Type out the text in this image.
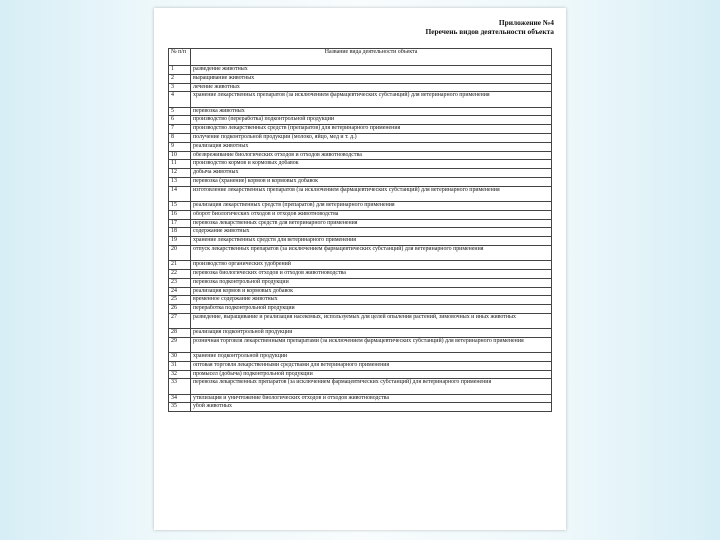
Приложение №4
Перечень видов деятельности объекта
№ п/п	Название вида деятельности объекта
1	разведение животных
2	выращивание животных
3	лечение животных
4	хранение лекарственных препаратов (за исключением фармацевтических субстанций) для ветеринарного применения
5	перевозка животных
6	производство (переработка) подконтрольной продукции
7	производство лекарственных средств (препаратов) для ветеринарного применения
8	получение подконтрольной продукции (молоко, яйцо, мед и т. д.)
9	реализация животных
10	обезвреживание биологических отходов и отходов животноводства
11	производство кормов и кормовых добавок
12	добыча животных
13	перевозка (хранение) кормов и кормовых добавок
14	изготовление лекарственных препаратов (за исключением фармацевтических субстанций) для ветеринарного применения
15	реализация лекарственных средств (препаратов) для ветеринарного применения
16	оборот биологических отходов и отходов животноводства
17	перевозка лекарственных средств для ветеринарного применения
18	содержание животных
19	хранение лекарственных средств для ветеринарного применения
20	отпуск лекарственных препаратов (за исключением фармацевтических субстанций) для ветеринарного применения
21	производство органических удобрений
22	перевозка биологических отходов и отходов животноводства
23	перевозка подконтрольной продукции
24	реализация кормов и кормовых добавок
25	временное содержание животных
26	переработка подконтрольной продукции
27	разведение, выращивание и реализация насекомых, используемых для целей опыления растений, зимовочных и иных животных
28	реализация подконтрольной продукции
29	розничная торговля лекарственными препаратами (за исключением фармацевтических субстанций) для ветеринарного применения
30	хранение подконтрольной продукции
31	оптовая торговля лекарственными средствами для ветеринарного применения
32	промысел (добыча) подконтрольной продукции
33	перевозка лекарственных препаратов (за исключением фармацевтических субстанций) для ветеринарного применения
34	утилизация и уничтожение биологических отходов и отходов животноводства
35	убой животных
